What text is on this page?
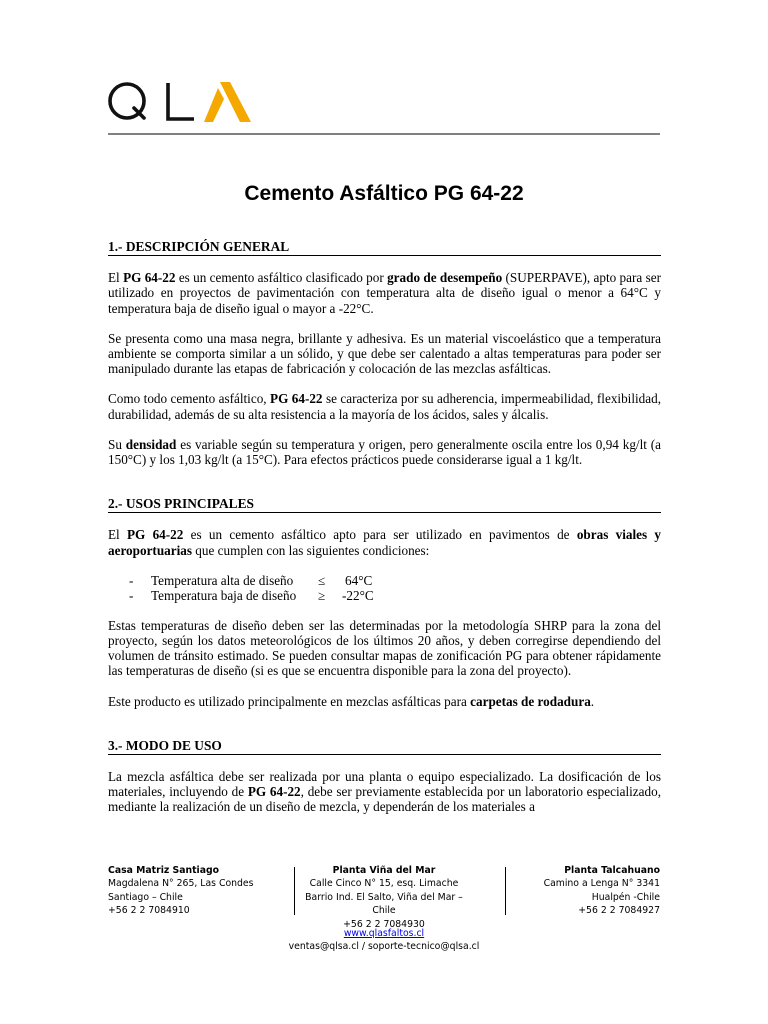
Cemento Asfáltico PG 64-22
1.- DESCRIPCIÓN GENERAL

El PG 64-22 es un cemento asfáltico clasificado por grado de desempeño (SUPERPAVE), apto para ser utilizado en proyectos de pavimentación con temperatura alta de diseño igual o menor a 64°C y temperatura baja de diseño igual o mayor a -22°C.

Se presenta como una masa negra, brillante y adhesiva. Es un material viscoelástico que a temperatura ambiente se comporta similar a un sólido, y que debe ser calentado a altas temperaturas para poder ser manipulado durante las etapas de fabricación y colocación de las mezclas asfálticas.

Como todo cemento asfáltico, PG 64-22 se caracteriza por su adherencia, impermeabilidad, flexibilidad, durabilidad, además de su alta resistencia a la mayoría de los ácidos, sales y álcalis.

Su densidad es variable según su temperatura y origen, pero generalmente oscila entre los 0,94 kg/lt (a 150°C) y los 1,03 kg/lt (a 15°C). Para efectos prácticos puede considerarse igual a 1 kg/lt.

2.- USOS PRINCIPALES

El PG 64-22 es un cemento asfáltico apto para ser utilizado en pavimentos de obras viales y aeroportuarias que cumplen con las siguientes condiciones:

-	Temperatura alta de diseño	≤	64°C
-	Temperatura baja de diseño	≥	-22°C

Estas temperaturas de diseño deben ser las determinadas por la metodología SHRP para la zona del proyecto, según los datos meteorológicos de los últimos 20 años, y deben corregirse dependiendo del volumen de tránsito estimado. Se pueden consultar mapas de zonificación PG para obtener rápidamente las temperaturas de diseño (si es que se encuentra disponible para la zona del proyecto).

Este producto es utilizado principalmente en mezclas asfálticas para carpetas de rodadura.

3.- MODO DE USO

La mezcla asfáltica debe ser realizada por una planta o equipo especializado. La dosificación de los materiales, incluyendo de PG 64-22, debe ser previamente establecida por un laboratorio especializado, mediante la realización de un diseño de mezcla, y dependerán de los materiales a

Casa Matriz Santiago
Magdalena N° 265, Las Condes
Santiago – Chile
+56 2 2 7084910
Planta Viña del Mar
Calle Cinco N° 15, esq. Limache
Barrio Ind. El Salto, Viña del Mar – Chile
+56 2 2 7084930
Planta Talcahuano
Camino a Lenga N° 3341
Hualpén -Chile
+56 2 2 7084927
www.qlasfaltos.cl
ventas@qlsa.cl / soporte-tecnico@qlsa.cl
